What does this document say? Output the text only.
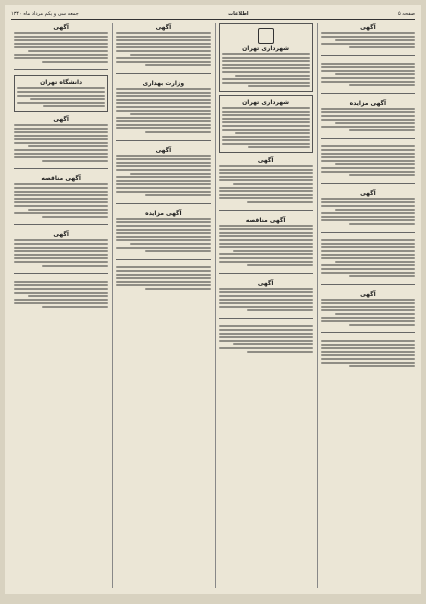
صفحه ۵
اطلاعات
جمعه سی و یکم مرداد ماه ۱۳۴۰
آگهی
آگهی مزایده
آگهی
آگهی
شهرداری تهران
شهرداری تهران
آگهی
آگهی مناقصه
آگهی
آگهی
وزارت بهداری
آگهی
آگهی مزایده
آگهی
دانشگاه تهران
آگهی
آگهی مناقصه
آگهی
